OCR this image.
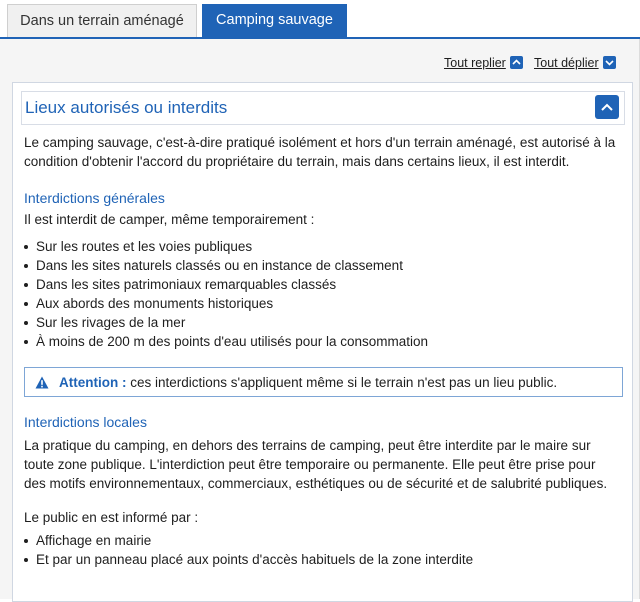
Dans un terrain aménagé	Camping sauvage
Tout replier	Tout déplier
Lieux autorisés ou interdits
Le camping sauvage, c'est-à-dire pratiqué isolément et hors d'un terrain aménagé, est autorisé à la
condition d'obtenir l'accord du propriétaire du terrain, mais dans certains lieux, il est interdit.
Interdictions générales
Il est interdit de camper, même temporairement :
Sur les routes et les voies publiques
Dans les sites naturels classés ou en instance de classement
Dans les sites patrimoniaux remarquables classés
Aux abords des monuments historiques
Sur les rivages de la mer
À moins de 200 m des points d'eau utilisés pour la consommation
Attention : ces interdictions s'appliquent même si le terrain n'est pas un lieu public.
Interdictions locales
La pratique du camping, en dehors des terrains de camping, peut être interdite par le maire sur
toute zone publique. L'interdiction peut être temporaire ou permanente. Elle peut être prise pour
des motifs environnementaux, commerciaux, esthétiques ou de sécurité et de salubrité publiques.
Le public en est informé par :
Affichage en mairie
Et par un panneau placé aux points d'accès habituels de la zone interdite
